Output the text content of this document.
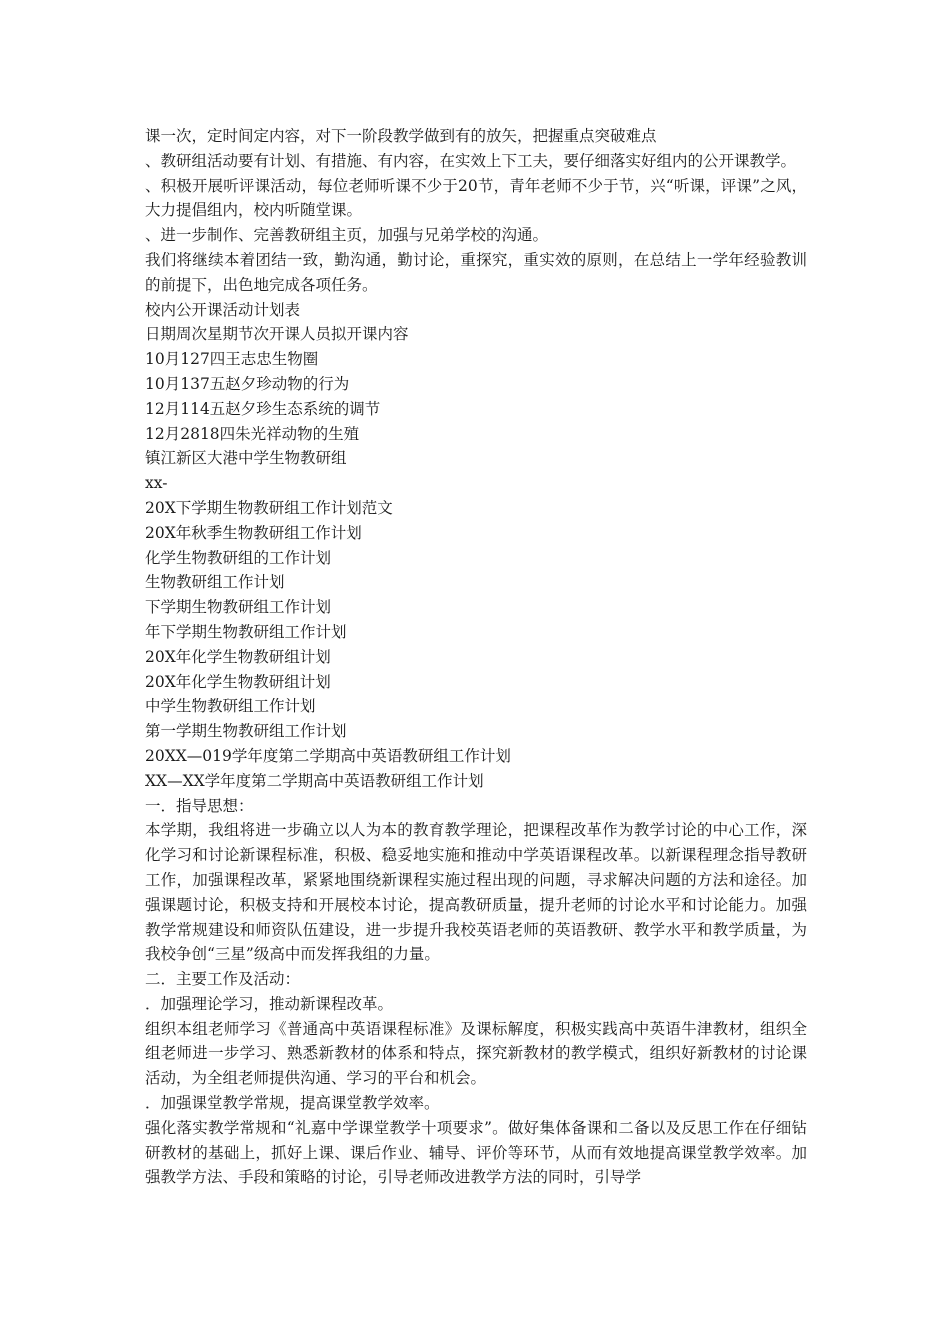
课一次，定时间定内容，对下一阶段教学做到有的放矢，把握重点突破难点
、教研组活动要有计划、有措施、有内容，在实效上下工夫，要仔细落实好组内的公开课教学。
、积极开展听评课活动，每位老师听课不少于20节，青年老师不少于节，兴“听课，评课”之风，大力提倡组内，校内听随堂课。
、进一步制作、完善教研组主页，加强与兄弟学校的沟通。
我们将继续本着团结一致，勤沟通，勤讨论，重探究，重实效的原则，在总结上一学年经验教训的前提下，出色地完成各项任务。
校内公开课活动计划表
日期周次星期节次开课人员拟开课内容
10月127四王志忠生物圈
10月137五赵夕珍动物的行为
12月114五赵夕珍生态系统的调节
12月2818四朱光祥动物的生殖
镇江新区大港中学生物教研组
xx-
20X下学期生物教研组工作计划范文
20X年秋季生物教研组工作计划
化学生物教研组的工作计划
生物教研组工作计划
下学期生物教研组工作计划
年下学期生物教研组工作计划
20X年化学生物教研组计划
20X年化学生物教研组计划
中学生物教研组工作计划
第一学期生物教研组工作计划
20XX—019学年度第二学期高中英语教研组工作计划
XX—XX学年度第二学期高中英语教研组工作计划
一．指导思想：
本学期，我组将进一步确立以人为本的教育教学理论，把课程改革作为教学讨论的中心工作，深化学习和讨论新课程标准，积极、稳妥地实施和推动中学英语课程改革。以新课程理念指导教研工作，加强课程改革，紧紧地围绕新课程实施过程出现的问题，寻求解决问题的方法和途径。加强课题讨论，积极支持和开展校本讨论，提高教研质量，提升老师的讨论水平和讨论能力。加强教学常规建设和师资队伍建设，进一步提升我校英语老师的英语教研、教学水平和教学质量，为我校争创“三星”级高中而发挥我组的力量。
二．主要工作及活动：
．加强理论学习，推动新课程改革。
组织本组老师学习《普通高中英语课程标准》及课标解度，积极实践高中英语牛津教材，组织全组老师进一步学习、熟悉新教材的体系和特点，探究新教材的教学模式，组织好新教材的讨论课活动，为全组老师提供沟通、学习的平台和机会。
．加强课堂教学常规，提高课堂教学效率。
强化落实教学常规和“礼嘉中学课堂教学十项要求”。做好集体备课和二备以及反思工作在仔细钻研教材的基础上，抓好上课、课后作业、辅导、评价等环节，从而有效地提高课堂教学效率。加强教学方法、手段和策略的讨论，引导老师改进教学方法的同时，引导学
